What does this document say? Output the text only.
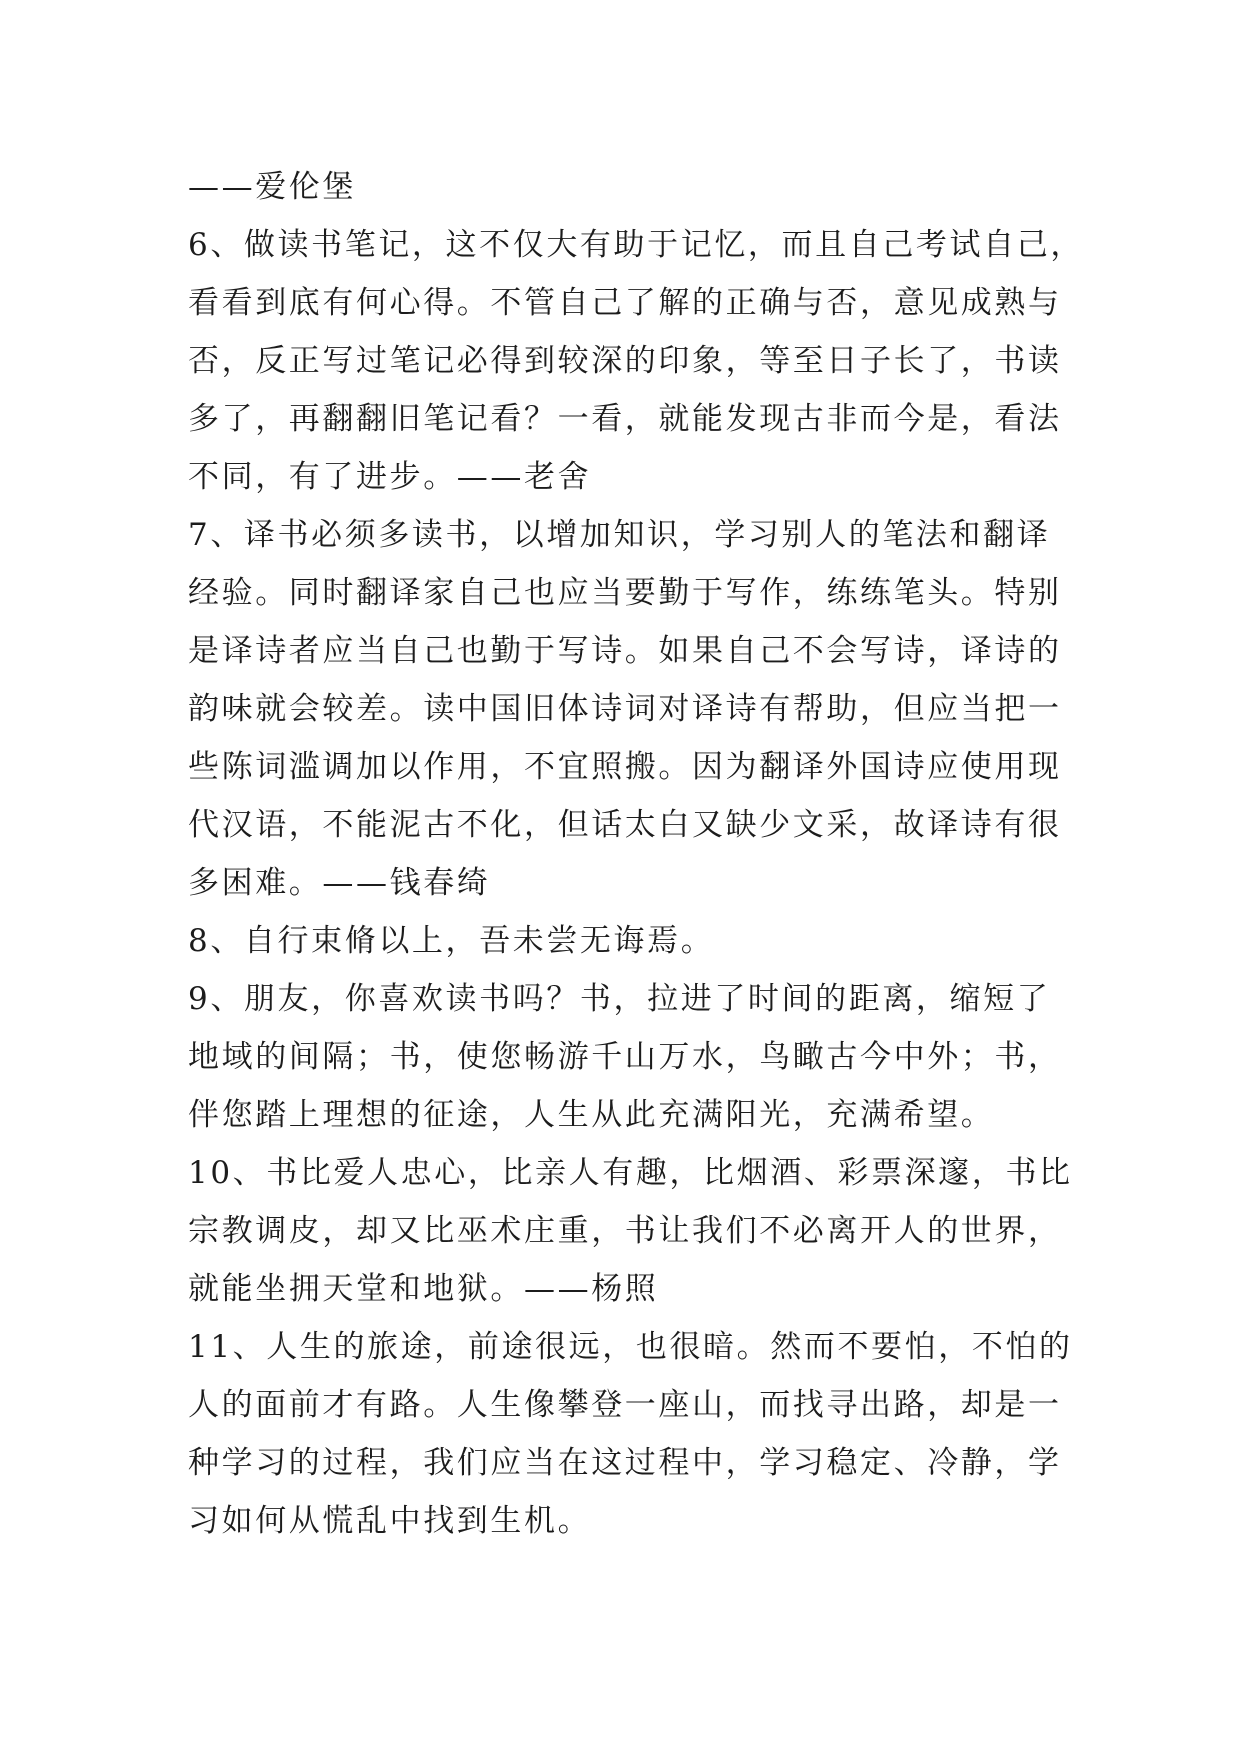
——爱伦堡
6、做读书笔记，这不仅大有助于记忆，而且自己考试自己，
看看到底有何心得。不管自己了解的正确与否，意见成熟与
否，反正写过笔记必得到较深的印象，等至日子长了，书读
多了，再翻翻旧笔记看？一看，就能发现古非而今是，看法
不同，有了进步。——老舍
7、译书必须多读书，以增加知识，学习别人的笔法和翻译
经验。同时翻译家自己也应当要勤于写作，练练笔头。特别
是译诗者应当自己也勤于写诗。如果自己不会写诗，译诗的
韵味就会较差。读中国旧体诗词对译诗有帮助，但应当把一
些陈词滥调加以作用，不宜照搬。因为翻译外国诗应使用现
代汉语，不能泥古不化，但话太白又缺少文采，故译诗有很
多困难。——钱春绮
8、自行束脩以上，吾未尝无诲焉。
9、朋友，你喜欢读书吗？书，拉进了时间的距离，缩短了
地域的间隔；书，使您畅游千山万水，鸟瞰古今中外；书，
伴您踏上理想的征途，人生从此充满阳光，充满希望。
10、书比爱人忠心，比亲人有趣，比烟酒、彩票深邃，书比
宗教调皮，却又比巫术庄重，书让我们不必离开人的世界，
就能坐拥天堂和地狱。——杨照
11、人生的旅途，前途很远，也很暗。然而不要怕，不怕的
人的面前才有路。人生像攀登一座山，而找寻出路，却是一
种学习的过程，我们应当在这过程中，学习稳定、冷静，学
习如何从慌乱中找到生机。
